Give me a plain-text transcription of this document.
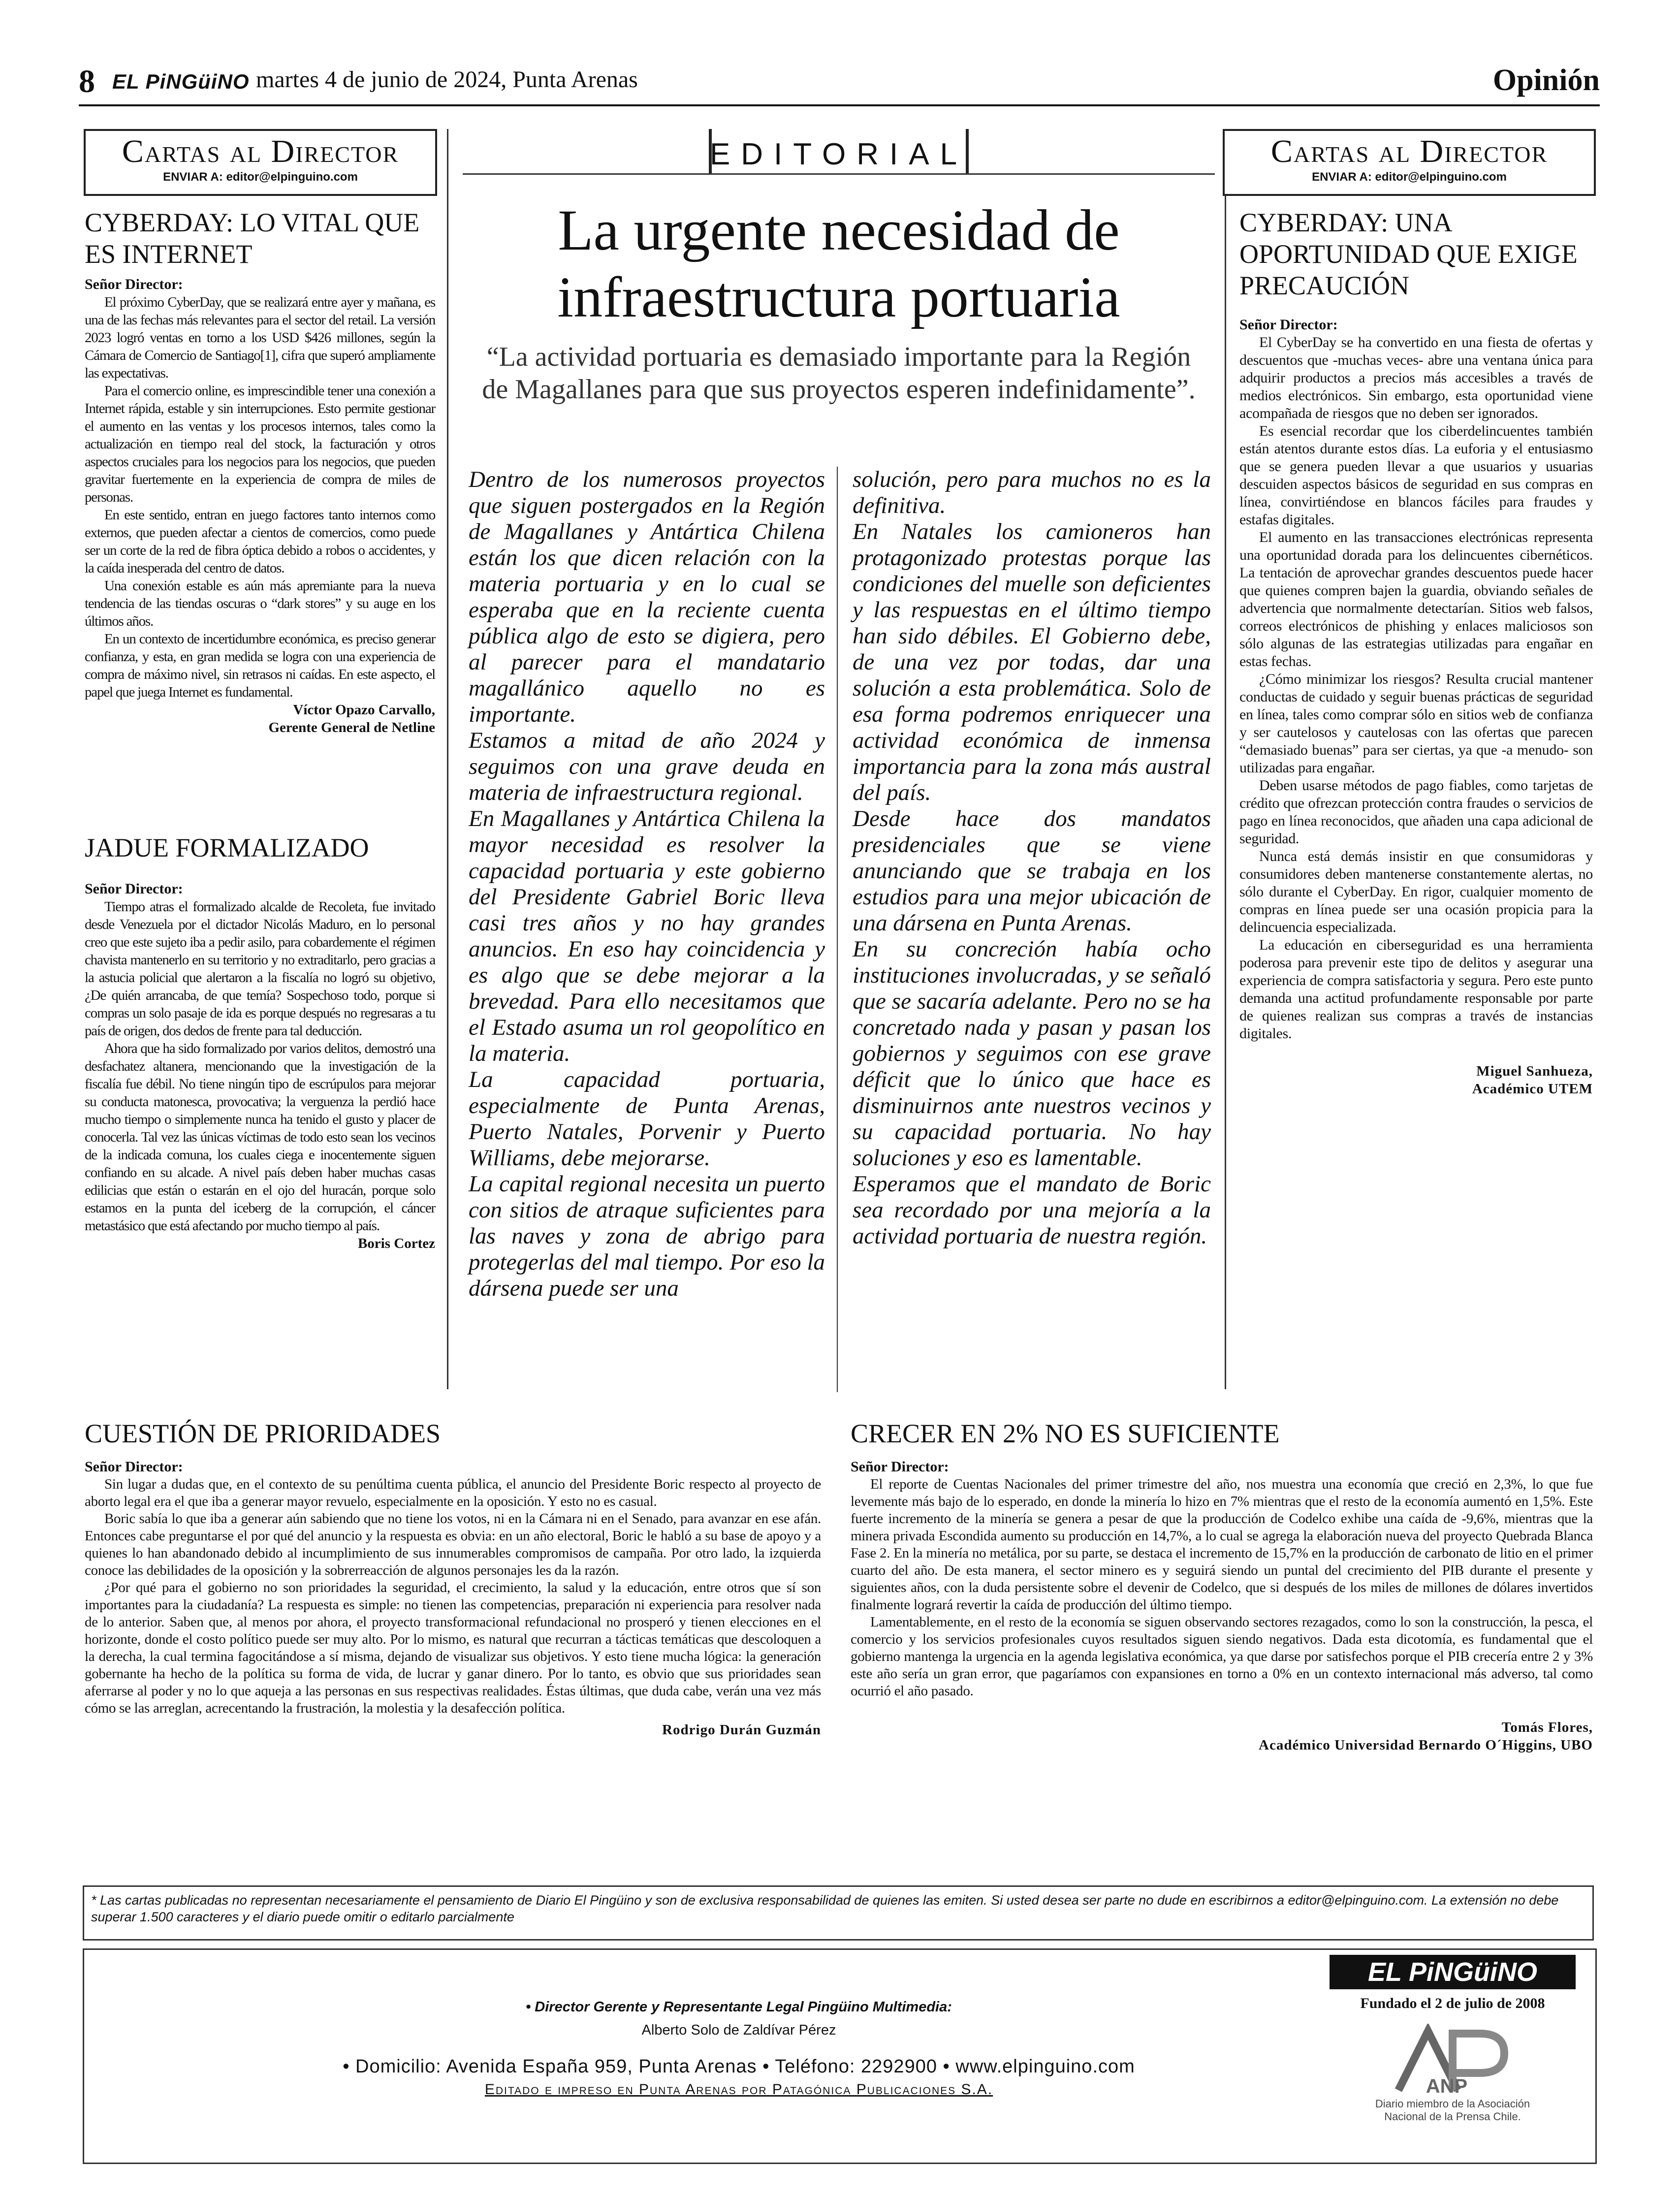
8 EL PiNGüiNO martes 4 de junio de 2024, Punta Arenas	Opinión
Cartas al Director
ENVIAR A: editor@elpinguino.com
CYBERDAY: LO VITAL QUE ES INTERNET
Señor Director:

El próximo CyberDay, que se realizará entre ayer y mañana, es una de las fechas más relevantes para el sector del retail. La versión 2023 logró ventas en torno a los USD $426 millones, según la Cámara de Comercio de Santiago[1], cifra que superó ampliamente las expectativas.

Para el comercio online, es imprescindible tener una conexión a Internet rápida, estable y sin interrupciones. Esto permite gestionar el aumento en las ventas y los procesos internos, tales como la actualización en tiempo real del stock, la facturación y otros aspectos cruciales para los negocios para los negocios, que pueden gravitar fuertemente en la experiencia de compra de miles de personas.

En este sentido, entran en juego factores tanto internos como externos, que pueden afectar a cientos de comercios, como puede ser un corte de la red de fibra óptica debido a robos o accidentes, y la caída inesperada del centro de datos.

Una conexión estable es aún más apremiante para la nueva tendencia de las tiendas oscuras o “dark stores” y su auge en los últimos años.

En un contexto de incertidumbre económica, es preciso generar confianza, y esta, en gran medida se logra con una experiencia de compra de máximo nivel, sin retrasos ni caídas. En este aspecto, el papel que juega Internet es fundamental.

Víctor Opazo Carvallo,
Gerente General de Netline
JADUE FORMALIZADO
Señor Director:

Tiempo atras el formalizado alcalde de Recoleta, fue invitado desde Venezuela por el dictador Nicolás Maduro, en lo personal creo que este sujeto iba a pedir asilo, para cobardemente el régimen chavista mantenerlo en su territorio y no extraditarlo, pero gracias a la astucia policial que alertaron a la fiscalía no logró su objetivo, ¿De quién arrancaba, de que temía? Sospechoso todo, porque si compras un solo pasaje de ida es porque después no regresaras a tu país de origen, dos dedos de frente para tal deducción.

Ahora que ha sido formalizado por varios delitos, demostró una desfachatez altanera, mencionando que la investigación de la fiscalía fue débil. No tiene ningún tipo de escrúpulos para mejorar su conducta matonesca, provocativa; la verguenza la perdió hace mucho tiempo o simplemente nunca ha tenido el gusto y placer de conocerla. Tal vez las únicas víctimas de todo esto sean los vecinos de la indicada comuna, los cuales ciega e inocentemente siguen confiando en su alcade. A nivel país deben haber muchas casas edilicias que están o estarán en el ojo del huracán, porque solo estamos en la punta del iceberg de la corrupción, el cáncer metastásico que está afectando por mucho tiempo al país.

Boris Cortez
EDITORIAL
La urgente necesidad de infraestructura portuaria
“La actividad portuaria es demasiado importante para la Región de Magallanes para que sus proyectos esperen indefinidamente”.

Dentro de los numerosos proyectos que siguen postergados en la Región de Magallanes y Antártica Chilena están los que dicen relación con la materia portuaria y en lo cual se esperaba que en la reciente cuenta pública algo de esto se digiera, pero al parecer para el mandatario magallánico aquello no es importante.

Estamos a mitad de año 2024 y seguimos con una grave deuda en materia de infraestructura regional.

En Magallanes y Antártica Chilena la mayor necesidad es resolver la capacidad portuaria y este gobierno del Presidente Gabriel Boric lleva casi tres años y no hay grandes anuncios. En eso hay coincidencia y es algo que se debe mejorar a la brevedad. Para ello necesitamos que el Estado asuma un rol geopolítico en la materia.

La capacidad portuaria, especialmente de Punta Arenas, Puerto Natales, Porvenir y Puerto Williams, debe mejorarse.

La capital regional necesita un puerto con sitios de atraque suficientes para las naves y zona de abrigo para protegerlas del mal tiempo. Por eso la dársena puede ser una

solución, pero para muchos no es la definitiva.

En Natales los camioneros han protagonizado protestas porque las condiciones del muelle son deficientes y las respuestas en el último tiempo han sido débiles. El Gobierno debe, de una vez por todas, dar una solución a esta problemática. Solo de esa forma podremos enriquecer una actividad económica de inmensa importancia para la zona más austral del país.

Desde hace dos mandatos presidenciales que se viene anunciando que se trabaja en los estudios para una mejor ubicación de una dársena en Punta Arenas.

En su concreción había ocho instituciones involucradas, y se señaló que se sacaría adelante. Pero no se ha concretado nada y pasan y pasan los gobiernos y seguimos con ese grave déficit que lo único que hace es disminuirnos ante nuestros vecinos y su capacidad portuaria. No hay soluciones y eso es lamentable.

Esperamos que el mandato de Boric sea recordado por una mejoría a la actividad portuaria de nuestra región.

Cartas al Director
ENVIAR A: editor@elpinguino.com
CYBERDAY: UNA OPORTUNIDAD QUE EXIGE PRECAUCIÓN
Señor Director:

El CyberDay se ha convertido en una fiesta de ofertas y descuentos que -muchas veces- abre una ventana única para adquirir productos a precios más accesibles a través de medios electrónicos. Sin embargo, esta oportunidad viene acompañada de riesgos que no deben ser ignorados.

Es esencial recordar que los ciberdelincuentes también están atentos durante estos días. La euforia y el entusiasmo que se genera pueden llevar a que usuarios y usuarias descuiden aspectos básicos de seguridad en sus compras en línea, convirtiéndose en blancos fáciles para fraudes y estafas digitales.

El aumento en las transacciones electrónicas representa una oportunidad dorada para los delincuentes cibernéticos. La tentación de aprovechar grandes descuentos puede hacer que quienes compren bajen la guardia, obviando señales de advertencia que normalmente detectarían. Sitios web falsos, correos electrónicos de phishing y enlaces maliciosos son sólo algunas de las estrategias utilizadas para engañar en estas fechas.

¿Cómo minimizar los riesgos? Resulta crucial mantener conductas de cuidado y seguir buenas prácticas de seguridad en línea, tales como comprar sólo en sitios web de confianza y ser cautelosos y cautelosas con las ofertas que parecen “demasiado buenas” para ser ciertas, ya que -a menudo- son utilizadas para engañar.

Deben usarse métodos de pago fiables, como tarjetas de crédito que ofrezcan protección contra fraudes o servicios de pago en línea reconocidos, que añaden una capa adicional de seguridad.

Nunca está demás insistir en que consumidoras y consumidores deben mantenerse constantemente alertas, no sólo durante el CyberDay. En rigor, cualquier momento de compras en línea puede ser una ocasión propicia para la delincuencia especializada.

La educación en ciberseguridad es una herramienta poderosa para prevenir este tipo de delitos y asegurar una experiencia de compra satisfactoria y segura. Pero este punto demanda una actitud profundamente responsable por parte de quienes realizan sus compras a través de instancias digitales.

Miguel Sanhueza,
Académico UTEM
CUESTIÓN DE PRIORIDADES
Señor Director:

Sin lugar a dudas que, en el contexto de su penúltima cuenta pública, el anuncio del Presidente Boric respecto al proyecto de aborto legal era el que iba a generar mayor revuelo, especialmente en la oposición. Y esto no es casual.

Boric sabía lo que iba a generar aún sabiendo que no tiene los votos, ni en la Cámara ni en el Senado, para avanzar en ese afán. Entonces cabe preguntarse el por qué del anuncio y la respuesta es obvia: en un año electoral, Boric le habló a su base de apoyo y a quienes lo han abandonado debido al incumplimiento de sus innumerables compromisos de campaña. Por otro lado, la izquierda conoce las debilidades de la oposición y la sobrerreacción de algunos personajes les da la razón.

¿Por qué para el gobierno no son prioridades la seguridad, el crecimiento, la salud y la educación, entre otros que sí son importantes para la ciudadanía? La respuesta es simple: no tienen las competencias, preparación ni experiencia para resolver nada de lo anterior. Saben que, al menos por ahora, el proyecto transformacional refundacional no prosperó y tienen elecciones en el horizonte, donde el costo político puede ser muy alto. Por lo mismo, es natural que recurran a tácticas temáticas que descoloquen a la derecha, la cual termina fagocitándose a sí misma, dejando de visualizar sus objetivos. Y esto tiene mucha lógica: la generación gobernante ha hecho de la política su forma de vida, de lucrar y ganar dinero. Por lo tanto, es obvio que sus prioridades sean aferrarse al poder y no lo que aqueja a las personas en sus respectivas realidades. Éstas últimas, que duda cabe, verán una vez más cómo se las arreglan, acrecentando la frustración, la molestia y la desafección política.

Rodrigo Durán Guzmán
CRECER EN 2% NO ES SUFICIENTE
Señor Director:

El reporte de Cuentas Nacionales del primer trimestre del año, nos muestra una economía que creció en 2,3%, lo que fue levemente más bajo de lo esperado, en donde la minería lo hizo en 7% mientras que el resto de la economía aumentó en 1,5%. Este fuerte incremento de la minería se genera a pesar de que la producción de Codelco exhibe una caída de -9,6%, mientras que la minera privada Escondida aumento su producción en 14,7%, a lo cual se agrega la elaboración nueva del proyecto Quebrada Blanca Fase 2. En la minería no metálica, por su parte, se destaca el incremento de 15,7% en la producción de carbonato de litio en el primer cuarto del año. De esta manera, el sector minero es y seguirá siendo un puntal del crecimiento del PIB durante el presente y siguientes años, con la duda persistente sobre el devenir de Codelco, que si después de los miles de millones de dólares invertidos finalmente logrará revertir la caída de producción del último tiempo.

Lamentablemente, en el resto de la economía se siguen observando sectores rezagados, como lo son la construcción, la pesca, el comercio y los servicios profesionales cuyos resultados siguen siendo negativos. Dada esta dicotomía, es fundamental que el gobierno mantenga la urgencia en la agenda legislativa económica, ya que darse por satisfechos porque el PIB crecería entre 2 y 3% este año sería un gran error, que pagaríamos con expansiones en torno a 0% en un contexto internacional más adverso, tal como ocurrió el año pasado.

Tomás Flores,
Académico Universidad Bernardo O´Higgins, UBO
* Las cartas publicadas no representan necesariamente el pensamiento de Diario El Pingüino y son de exclusiva responsabilidad de quienes las emiten. Si usted desea ser parte no dude en escribirnos a editor@elpinguino.com. La extensión no debe superar 1.500 caracteres y el diario puede omitir o editarlo parcialmente
• Director Gerente y Representante Legal Pingüino Multimedia:
Alberto Solo de Zaldívar Pérez
• Domicilio: Avenida España 959, Punta Arenas • Teléfono: 2292900 • www.elpinguino.com
Editado e impreso en Punta Arenas por Patagónica Publicaciones S.A.
EL PiNGüiNO
Fundado el 2 de julio de 2008
ANP
Diario miembro de la Asociación
Nacional de la Prensa Chile.
